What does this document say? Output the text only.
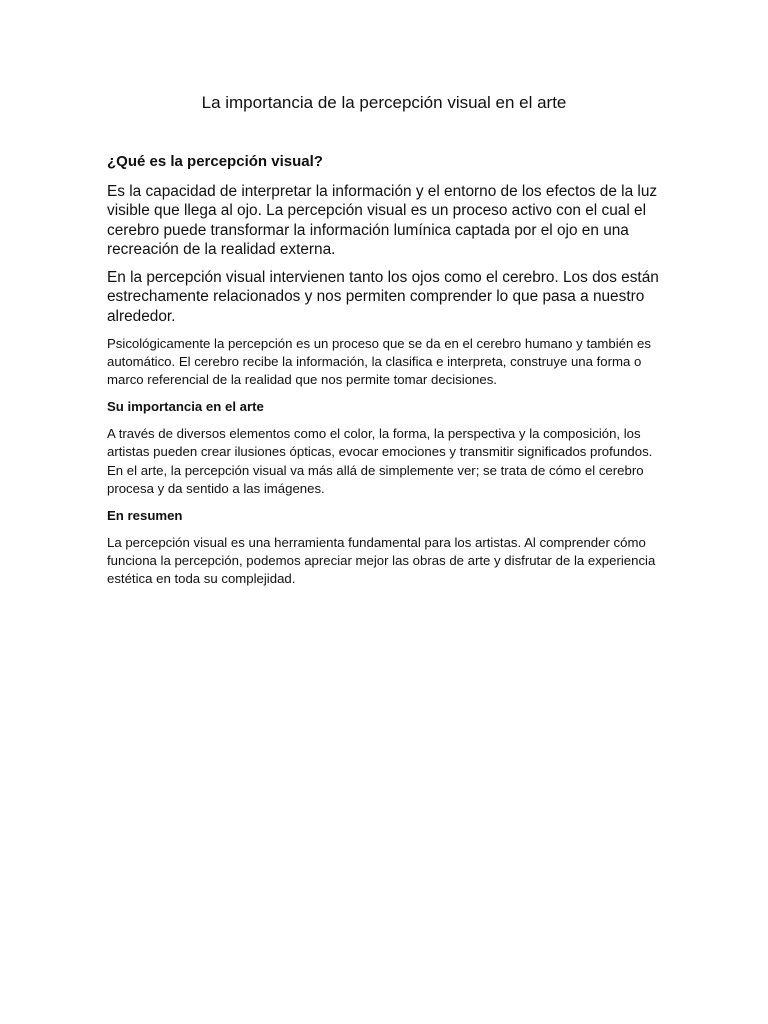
La importancia de la percepción visual en el arte

¿Qué es la percepción visual?

Es la capacidad de interpretar la información y el entorno de los efectos de la luz visible que llega al ojo. La percepción visual es un proceso activo con el cual el cerebro puede transformar la información lumínica captada por el ojo en una recreación de la realidad externa.

En la percepción visual intervienen tanto los ojos como el cerebro. Los dos están estrechamente relacionados y nos permiten comprender lo que pasa a nuestro alrededor.

Psicológicamente la percepción es un proceso que se da en el cerebro humano y también es automático. El cerebro recibe la información, la clasifica e interpreta, construye una forma o marco referencial de la realidad que nos permite tomar decisiones.

Su importancia en el arte

A través de diversos elementos como el color, la forma, la perspectiva y la composición, los artistas pueden crear ilusiones ópticas, evocar emociones y transmitir significados profundos. En el arte, la percepción visual va más allá de simplemente ver; se trata de cómo el cerebro procesa y da sentido a las imágenes.

En resumen

La percepción visual es una herramienta fundamental para los artistas. Al comprender cómo funciona la percepción, podemos apreciar mejor las obras de arte y disfrutar de la experiencia estética en toda su complejidad.
